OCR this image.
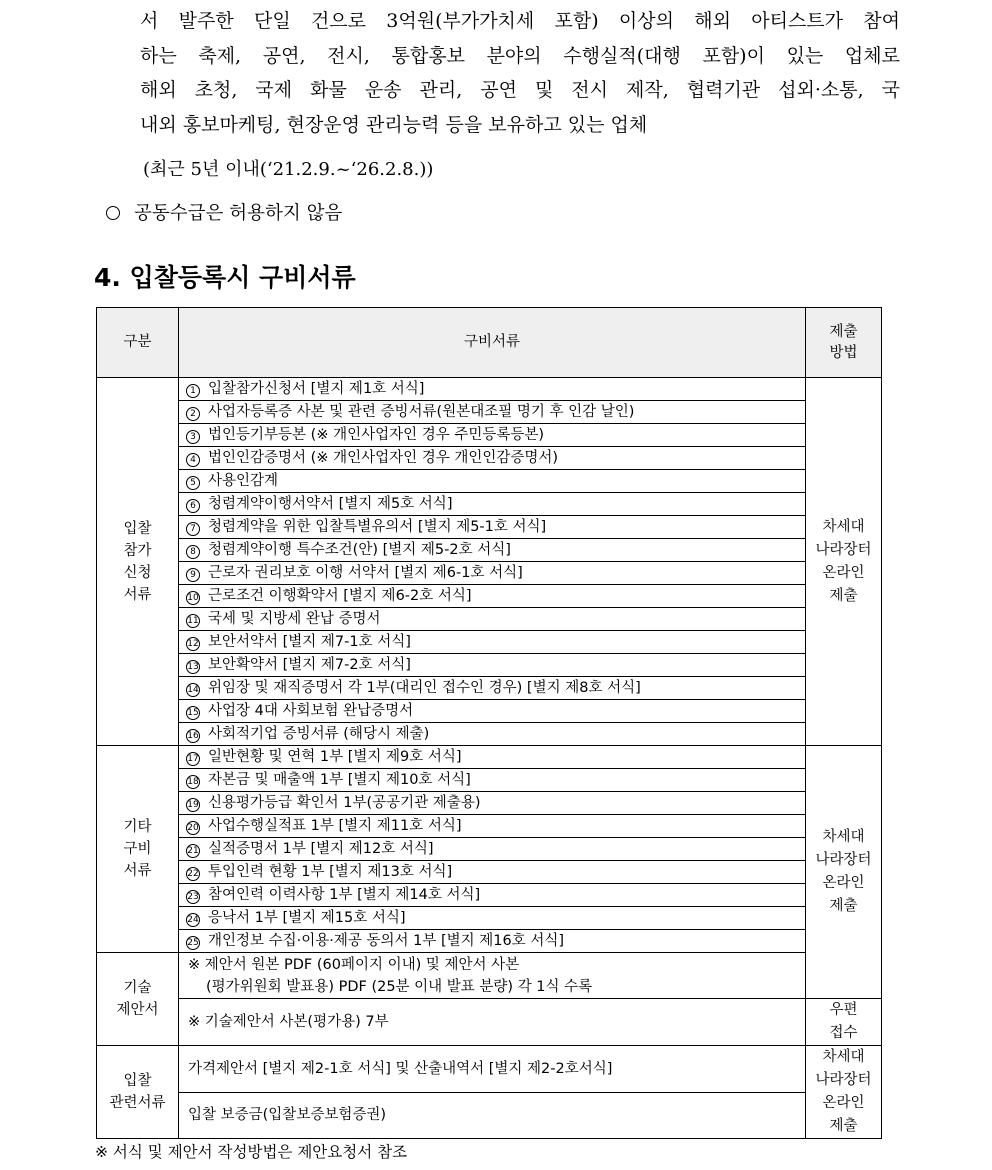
서 발주한 단일 건으로 3억원(부가가치세 포함) 이상의 해외 아티스트가 참여
하는 축제, 공연, 전시, 통합홍보 분야의 수행실적(대행 포함)이 있는 업체로
해외 초청, 국제 화물 운송 관리, 공연 및 전시 제작, 협력기관 섭외·소통, 국
내외 홍보마케팅, 현장운영 관리능력 등을 보유하고 있는 업체
(최근 5년 이내(‘21.2.9.~‘26.2.8.))
공동수급은 허용하지 않음
4. 입찰등록시 구비서류
구분	구비서류	제출
방법
입찰
참가
신청
서류	1 입찰참가신청서 [별지 제1호 서식]	차세대
나라장터
온라인
제출
	2 사업자등록증 사본 및 관련 증빙서류(원본대조필 명기 후 인감 날인)	
	3 법인등기부등본 (※ 개인사업자인 경우 주민등록등본)	
	4 법인인감증명서 (※ 개인사업자인 경우 개인인감증명서)	
	5 사용인감계	
	6 청렴계약이행서약서 [별지 제5호 서식]	
	7 청렴계약을 위한 입찰특별유의서 [별지 제5-1호 서식]	
	8 청렴계약이행 특수조건(안) [별지 제5-2호 서식]	
	9 근로자 권리보호 이행 서약서 [별지 제6-1호 서식]	
	10 근로조건 이행확약서 [별지 제6-2호 서식]	
	11 국세 및 지방세 완납 증명서	
	12 보안서약서 [별지 제7-1호 서식]	
	13 보안확약서 [별지 제7-2호 서식]	
	14 위임장 및 재직증명서 각 1부(대리인 접수인 경우) [별지 제8호 서식]	
	15 사업장 4대 사회보험 완납증명서	
	16 사회적기업 증빙서류 (해당시 제출)	
기타
구비
서류	17 일반현황 및 연혁 1부 [별지 제9호 서식]	차세대
나라장터
온라인
제출
	18 자본금 및 매출액 1부 [별지 제10호 서식]	
	19 신용평가등급 확인서 1부(공공기관 제출용)	
	20 사업수행실적표 1부 [별지 제11호 서식]	
	21 실적증명서 1부 [별지 제12호 서식]	
	22 투입인력 현황 1부 [별지 제13호 서식]	
	23 참여인력 이력사항 1부 [별지 제14호 서식]	
	24 응낙서 1부 [별지 제15호 서식]	
	25 개인정보 수집·이용·제공 동의서 1부 [별지 제16호 서식]	
기술
제안서	※ 제안서 원본 PDF (60페이지 이내) 및 제안서 사본
(평가위원회 발표용) PDF (25분 이내 발표 분량) 각 1식 수록	

	※ 기술제안서 사본(평가용) 7부	우편
접수
입찰
관련서류	가격제안서 [별지 제2-1호 서식] 및 산출내역서 [별지 제2-2호서식]	차세대
나라장터
온라인
제출
	입찰 보증금(입찰보증보험증권)	
※ 서식 및 제안서 작성방법은 제안요청서 참조
